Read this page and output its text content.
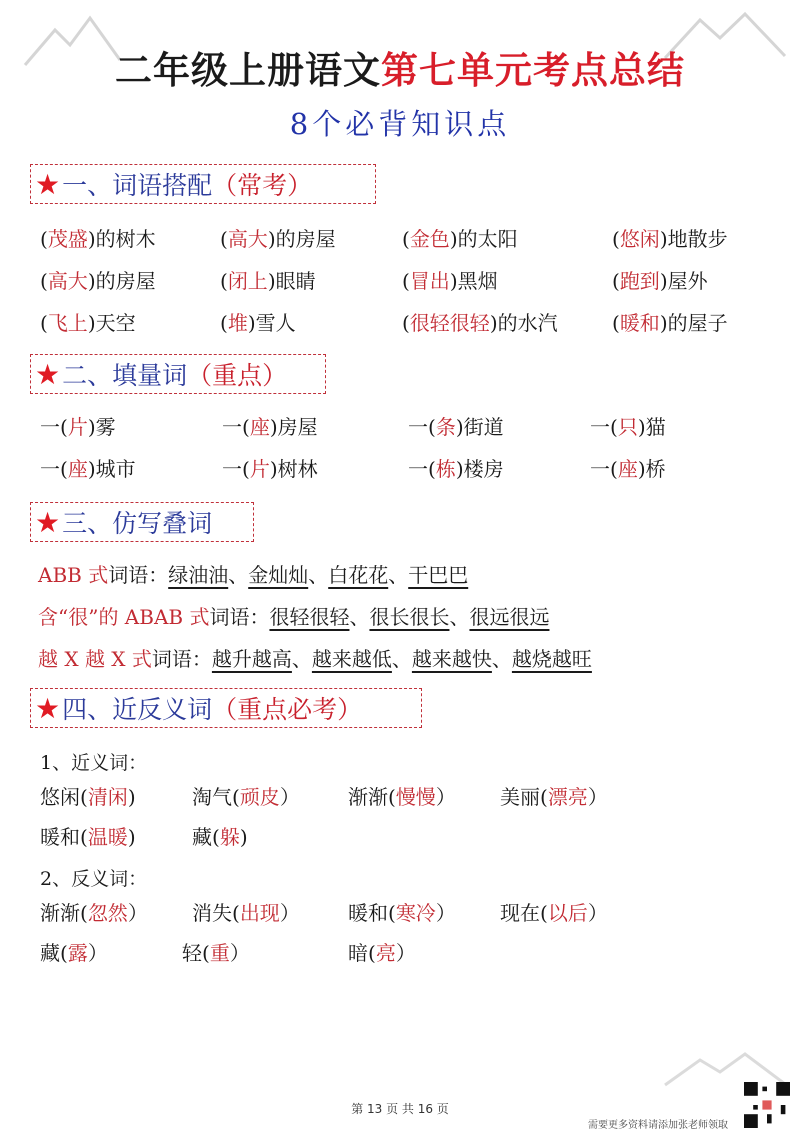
二年级上册语文第七单元考点总结
8个必背知识点
★ 一、词语搭配 （常考）
(茂盛)的树木	(高大)的房屋	(金色)的太阳	(悠闲)地散步
(高大)的房屋	(闭上)眼睛	(冒出)黑烟	(跑到)屋外
(飞上)天空	(堆)雪人	(很轻很轻)的水汽	(暖和)的屋子
★ 二、填量词 （重点）
一(片)雾	一(座)房屋	一(条)街道	一(只)猫
一(座)城市	一(片)树林	一(栋)楼房	一(座)桥
★ 三、仿写叠词
ABB 式词语：绿油油、金灿灿、白花花、干巴巴
含“很”的 ABAB 式词语：很轻很轻、很长很长、很远很远
越 X 越 X 式词语：越升越高、越来越低、越来越快、越烧越旺
★ 四、近反义词 （重点必考）
1、近义词：
悠闲(清闲)	淘气(顽皮） 渐渐(慢慢） 美丽(漂亮）
暖和(温暖)	藏(躲)
2、反义词：
渐渐(忽然） 消失(出现） 暖和(寒冷） 现在(以后）
藏(露）	轻(重）	暗(亮）
第 13 页 共 16 页
需要更多资料请添加张老师领取
